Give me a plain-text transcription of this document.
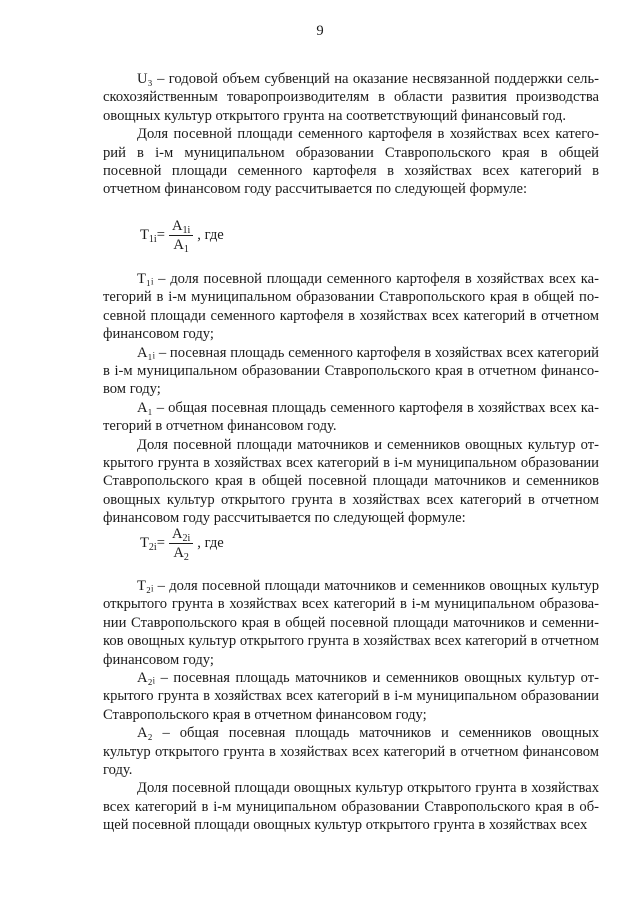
9

U₃ – годовой объем субвенций на оказание несвязанной поддержки сельскохозяйственным товаропроизводителям в области развития производства овощных культур открытого грунта на соответствующий финансовый год.

Доля посевной площади семенного картофеля в хозяйствах всех категорий в i-м муниципальном образовании Ставропольского края в общей посевной площади семенного картофеля в хозяйствах всех категорий в отчетном финансовом году рассчитывается по следующей формуле:

$T_{1i}= \frac{A_{1i}}{A_1}$ , где

T₁ᵢ – доля посевной площади семенного картофеля в хозяйствах всех категорий в i-м муниципальном образовании Ставропольского края в общей посевной площади семенного картофеля в хозяйствах всех категорий в отчетном финансовом году;

A₁ᵢ – посевная площадь семенного картофеля в хозяйствах всех категорий в i-м муниципальном образовании Ставропольского края в отчетном финансовом году;

A₁ – общая посевная площадь семенного картофеля в хозяйствах всех категорий в отчетном финансовом году.

Доля посевной площади маточников и семенников овощных культур открытого грунта в хозяйствах всех категорий в i-м муниципальном образовании Ставропольского края в общей посевной площади маточников и семенников овощных культур открытого грунта в хозяйствах всех категорий в отчетном финансовом году рассчитывается по следующей формуле:

$T_{2i}= \frac{A_{2i}}{A_2}$ , где

T₂ᵢ – доля посевной площади маточников и семенников овощных культур открытого грунта в хозяйствах всех категорий в i-м муниципальном образовании Ставропольского края в общей посевной площади маточников и семенников овощных культур открытого грунта в хозяйствах всех категорий в отчетном финансовом году;

A₂ᵢ – посевная площадь маточников и семенников овощных культур открытого грунта в хозяйствах всех категорий в i-м муниципальном образовании Ставропольского края в отчетном финансовом году;

A₂ – общая посевная площадь маточников и семенников овощных культур открытого грунта в хозяйствах всех категорий в отчетном финансовом году.

Доля посевной площади овощных культур открытого грунта в хозяйствах всех категорий в i-м муниципальном образовании Ставропольского края в общей посевной площади овощных культур открытого грунта в хозяйствах всех
